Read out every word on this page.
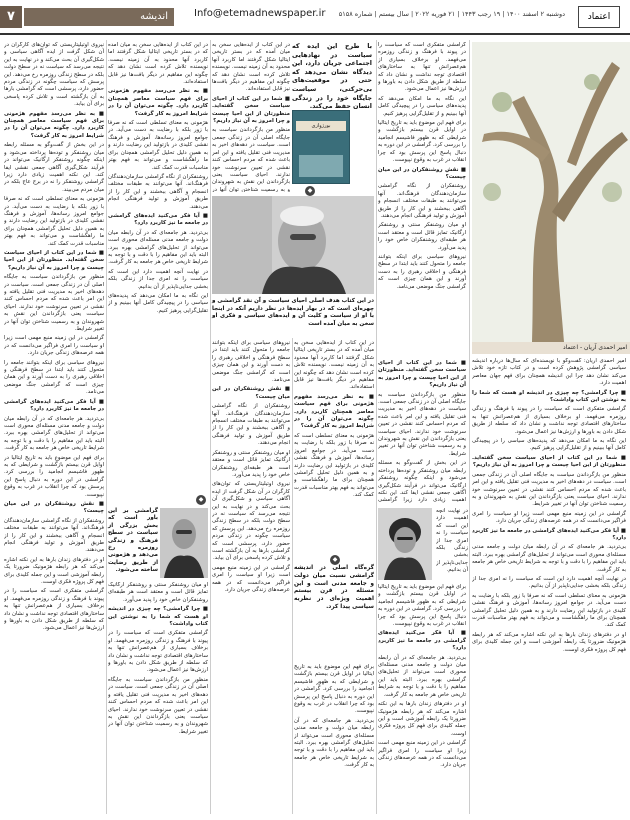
۷	اندیشه	Info@etemadnewspaper.ir	دوشنبه ۲ اسفند ۱۴۰۰ | ۱۹ رجب ۱۴۴۳ | ۲۱ فوریه ۲۰۲۲ | سال بیستم | شماره ۵۱۵۸	اعتماد
امیر احمدی آریان - اعتماد

گرامشی متفکری است که سیاست را در پیوند با فرهنگ و زندگی روزمره می‌فهمد. او برخلاف بسیاری از هم‌عصرانش تنها به ساختارهای اقتصادی توجه نداشت و نشان داد که سلطه از طریق شکل دادن به باورها و ارزش‌ها نیز اعمال می‌شود.

این نگاه به ما امکان می‌دهد که پدیده‌های سیاسی را در پیچیدگی کامل آنها ببینیم و از تقلیل‌گرایی پرهیز کنیم.

برای فهم این موضوع باید به تاریخ ایتالیا در اوایل قرن بیستم بازگشت و شرایطی که به ظهور فاشیسم انجامید را بررسی کرد. گرامشی در این دوره به دنبال پاسخ این پرسش بود که چرا انقلاب در غرب به وقوع نپیوست.

■ نقش روشنفکران در این میان چیست؟

روشنفکران از نگاه گرامشی سازمان‌دهندگان فرهنگ‌اند. آنها می‌توانند به طبقات مختلف انسجام و آگاهی ببخشند و این کار را از طریق آموزش و تولید فرهنگی انجام می‌دهند.

او میان روشنفکر سنتی و روشنفکر ارگانیک تمایز قائل است و معتقد است هر طبقه‌ای روشنفکران خاص خود را پدید می‌آورد.

نیروهای سیاسی برای اینکه بتوانند جامعه را متحول کنند باید ابتدا در سطح فرهنگی و اخلاقی رهبری را به دست آورند و این همان چیزی است که گرامشی جنگ موضعی می‌نامد.

امیر احمدی آریان: گفت‌وگو با نویسنده‌ای که سال‌ها درباره اندیشه سیاسی گرامشی پژوهش کرده است و در کتاب تازه خود تلاش می‌کند نشان دهد چرا این اندیشه همچنان برای فهم جهان معاصر اهمیت دارد.

■ چرا گرامشی؟ چه چیزی در اندیشه او هست که شما را به نوشتن این کتاب واداشت؟

گرامشی متفکری است که سیاست را در پیوند با فرهنگ و زندگی روزمره می‌فهمد. او برخلاف بسیاری از هم‌عصرانش تنها به ساختارهای اقتصادی توجه نداشت و نشان داد که سلطه از طریق شکل دادن به باورها و ارزش‌ها نیز اعمال می‌شود.

این نگاه به ما امکان می‌دهد که پدیده‌های سیاسی را در پیچیدگی کامل آنها ببینیم و از تقلیل‌گرایی پرهیز کنیم.

■ شما در این کتاب از احیای سیاست سخن گفته‌اید. منظورتان از این احیا چیست و چرا امروز به آن نیاز داریم؟

منظور من بازگرداندن سیاست به جایگاه اصلی آن در زندگی جمعی است. سیاست در دهه‌های اخیر به مدیریت فنی تقلیل یافته و این امر باعث شده که مردم احساس کنند نقشی در تعیین سرنوشت خود ندارند. احیای سیاست یعنی بازگرداندن این نقش به شهروندان و به رسمیت شناختن توان آنها در تغییر شرایط.

گرامشی در این زمینه منبع مهمی است زیرا او سیاست را امری فراگیر می‌دانست که در همه عرصه‌های زندگی جریان دارد.

■ آیا فکر می‌کنید ایده‌های گرامشی در جامعه ما نیز کاربرد دارد؟

بی‌تردید. هر جامعه‌ای که در آن رابطه میان دولت و جامعه مدنی مسئله‌ای محوری است می‌تواند از تحلیل‌های گرامشی بهره ببرد. البته باید این مفاهیم را با دقت و با توجه به شرایط تاریخی خاص هر جامعه به کار گرفت.

در نهایت آنچه اهمیت دارد این است که سیاست را نه امری جدا از زندگی بلکه بخشی جدایی‌ناپذیر از آن بدانیم.

هژمونی به معنای تسلطی است که نه صرفا با زور بلکه با رضایت به دست می‌آید. در جوامع امروز رسانه‌ها، آموزش و فرهنگ نقشی کلیدی در بازتولید این رضایت دارند و به همین دلیل تحلیل گرامشی همچنان برای ما راهگشاست و می‌تواند به فهم بهتر مناسبات قدرت کمک کند.

او در دفترهای زندان بارها به این نکته اشاره می‌کند که هر رابطه هژمونیک ضرورتا یک رابطه آموزشی است و این جمله کلیدی برای فهم کل پروژه فکری اوست.

در این کتاب از ایده‌هایی سخن به میان آمده که در بستر تاریخی ایتالیا شکل گرفتند اما کاربرد آنها محدود به آن زمینه نیست. نویسنده تلاش کرده است نشان دهد که چگونه این مفاهیم در دیگر بافت‌ها نیز قابل استفاده‌اند.

■ شما در این کتاب از احیای سیاست سخن گفته‌اید. منظورتان از این احیا چیست و چرا امروز به آن نیاز داریم؟

منظور من بازگرداندن سیاست به جایگاه اصلی آن در زندگی جمعی است. سیاست در دهه‌های اخیر به مدیریت فنی تقلیل یافته و این امر باعث شده که مردم احساس کنند نقشی در تعیین سرنوشت خود ندارند. احیای سیاست یعنی بازگرداندن این نقش به شهروندان و به رسمیت شناختن توان آنها در

با طرح این ایده که سیاست در نهادهایی اجتماعی جریان دارد، این دیدگاه نشان می‌دهد که حتی در موقعیت‌های بی‌حرکتی، سیاست جایگاه خود را در زندگی انسان حفظ می‌کند.
بورژوازی
◆
در این کتاب هدف اصلی احیای سیاست و آن نقد گرامشی و چهره‌ای است که در بهار ایده‌ها در نظر داریم آنکه در اینجا با او از سیاست و کلیت آن و ایده‌های سیاسی و فکری او سخن به میان آمده است

نیروی اوتیلیتاریستی که توان‌های کارگران در آن شکل گرفت از ایده آگاهی سیاسی و شکل‌گیری آن بحث می‌کند و در نهایت به این نتیجه می‌رسد که سیاست نه در سطح دولت بلکه در سطح زندگی روزمره رخ می‌دهد. این پرسش که سیاست چگونه در زندگی مردم حضور دارد، پرسشی است که گرامشی بارها به آن بازگشته است و تلاش کرده پاسخی برای آن بیابد.

■ به نظر می‌رسد مفهوم هژمونی برای فهم سیاست معاصر همچنان کاربرد دارد. چگونه می‌توان آن را در شرایط امروز به کار گرفت؟

در این بخش از گفت‌وگو به مسئله رابطه میان روشنفکر و توده‌ها پرداخته می‌شود و اینکه چگونه روشنفکر ارگانیک می‌تواند در فرآیند شکل‌گیری آگاهی جمعی نقشی ایفا کند. این نکته اهمیت زیادی دارد زیرا گرامشی روشنفکر را نه در برج عاج بلکه در میان مردم می‌بیند.

هژمونی به معنای تسلطی است که نه صرفا با زور بلکه با رضایت به دست می‌آید. در جوامع امروز رسانه‌ها، آموزش و فرهنگ نقشی کلیدی در بازتولید این رضایت دارند و به همین دلیل تحلیل گرامشی همچنان برای ما راهگشاست و می‌تواند به فهم بهتر مناسبات قدرت کمک کند.

■ شما در این کتاب از احیای سیاست سخن گفته‌اید. منظورتان از این احیا چیست و چرا امروز به آن نیاز داریم؟

منظور من بازگرداندن سیاست به جایگاه اصلی آن در زندگی جمعی است. سیاست در دهه‌های اخیر به مدیریت فنی تقلیل یافته و این امر باعث شده که مردم احساس کنند نقشی در تعیین سرنوشت خود ندارند. احیای سیاست یعنی بازگرداندن این نقش به شهروندان و به رسمیت شناختن توان آنها در تغییر شرایط.

گرامشی در این زمینه منبع مهمی است زیرا او سیاست را امری فراگیر می‌دانست که در همه عرصه‌های زندگی جریان دارد.

نیروهای سیاسی برای اینکه بتوانند جامعه را متحول کنند باید ابتدا در سطح فرهنگی و اخلاقی رهبری را به دست آورند و این همان چیزی است که گرامشی جنگ موضعی می‌نامد.

■ آیا فکر می‌کنید ایده‌های گرامشی در جامعه ما نیز کاربرد دارد؟

بی‌تردید. هر جامعه‌ای که در آن رابطه میان دولت و جامعه مدنی مسئله‌ای محوری است می‌تواند از تحلیل‌های گرامشی بهره ببرد. البته باید این مفاهیم را با دقت و با توجه به شرایط تاریخی خاص هر جامعه به کار گرفت.

برای فهم این موضوع باید به تاریخ ایتالیا در اوایل قرن بیستم بازگشت و شرایطی که به ظهور فاشیسم انجامید را بررسی کرد. گرامشی در این دوره به دنبال پاسخ این پرسش بود که چرا انقلاب در غرب به وقوع نپیوست.

■ نقش روشنفکران در این میان چیست؟

روشنفکران از نگاه گرامشی سازمان‌دهندگان فرهنگ‌اند. آنها می‌توانند به طبقات مختلف انسجام و آگاهی ببخشند و این کار را از طریق آموزش و تولید فرهنگی انجام می‌دهند.

او در دفترهای زندان بارها به این نکته اشاره می‌کند که هر رابطه هژمونیک ضرورتا یک رابطه آموزشی است و این جمله کلیدی برای فهم کل پروژه فکری اوست.

گرامشی متفکری است که سیاست را در پیوند با فرهنگ و زندگی روزمره می‌فهمد. او برخلاف بسیاری از هم‌عصرانش تنها به ساختارهای اقتصادی توجه نداشت و نشان داد که سلطه از طریق شکل دادن به باورها و ارزش‌ها نیز اعمال می‌شود.

در این کتاب از ایده‌هایی سخن به میان آمده که در بستر تاریخی ایتالیا شکل گرفتند اما کاربرد آنها محدود به آن زمینه نیست. نویسنده تلاش کرده است نشان دهد که چگونه این مفاهیم در دیگر بافت‌ها نیز قابل استفاده‌اند.

■ به نظر می‌رسد مفهوم هژمونی برای فهم سیاست معاصر همچنان کاربرد دارد. چگونه می‌توان آن را در شرایط امروز به کار گرفت؟

هژمونی به معنای تسلطی است که نه صرفا با زور بلکه با رضایت به دست می‌آید. در جوامع امروز رسانه‌ها، آموزش و فرهنگ نقشی کلیدی در بازتولید این رضایت دارند و به همین دلیل تحلیل گرامشی همچنان برای ما راهگشاست و می‌تواند به فهم بهتر مناسبات قدرت کمک کند.

روشنفکران از نگاه گرامشی سازمان‌دهندگان فرهنگ‌اند. آنها می‌توانند به طبقات مختلف انسجام و آگاهی ببخشند و این کار را از طریق آموزش و تولید فرهنگی انجام می‌دهند.

■ آیا فکر می‌کنید ایده‌های گرامشی در جامعه ما نیز کاربرد دارد؟

بی‌تردید. هر جامعه‌ای که در آن رابطه میان دولت و جامعه مدنی مسئله‌ای محوری است می‌تواند از تحلیل‌های گرامشی بهره ببرد. البته باید این مفاهیم را با دقت و با توجه به شرایط تاریخی خاص هر جامعه به کار گرفت.

در نهایت آنچه اهمیت دارد این است که سیاست را نه امری جدا از زندگی بلکه بخشی جدایی‌ناپذیر از آن بدانیم.

این نگاه به ما امکان می‌دهد که پدیده‌های سیاسی را در پیچیدگی کامل آنها ببینیم و از تقلیل‌گرایی پرهیز کنیم.

گرامشی بر این باور است که بخش بزرگی از سیاست در سطح فرهنگ و زندگی روزمره رخ می‌دهد و هژمونی از طریق رضایت ساخته می‌شود.
◆

او میان روشنفکر سنتی و روشنفکر ارگانیک تمایز قائل است و معتقد است هر طبقه‌ای روشنفکران خاص خود را پدید می‌آورد.

■ چرا گرامشی؟ چه چیزی در اندیشه او هست که شما را به نوشتن این کتاب واداشت؟

گرامشی متفکری است که سیاست را در پیوند با فرهنگ و زندگی روزمره می‌فهمد. او برخلاف بسیاری از هم‌عصرانش تنها به ساختارهای اقتصادی توجه نداشت و نشان داد که سلطه از طریق شکل دادن به باورها و ارزش‌ها نیز اعمال می‌شود.

منظور من بازگرداندن سیاست به جایگاه اصلی آن در زندگی جمعی است. سیاست در دهه‌های اخیر به مدیریت فنی تقلیل یافته و این امر باعث شده که مردم احساس کنند نقشی در تعیین سرنوشت خود ندارند. احیای سیاست یعنی بازگرداندن این نقش به شهروندان و به رسمیت شناختن توان آنها در تغییر شرایط.

نیروهای سیاسی برای اینکه بتوانند جامعه را متحول کنند باید ابتدا در سطح فرهنگی و اخلاقی رهبری را به دست آورند و این همان چیزی است که گرامشی جنگ موضعی می‌نامد.

■ نقش روشنفکران در این میان چیست؟

روشنفکران از نگاه گرامشی سازمان‌دهندگان فرهنگ‌اند. آنها می‌توانند به طبقات مختلف انسجام و آگاهی ببخشند و این کار را از طریق آموزش و تولید فرهنگی انجام می‌دهند.

او میان روشنفکر سنتی و روشنفکر ارگانیک تمایز قائل است و معتقد است هر طبقه‌ای روشنفکران خاص خود را پدید می‌آورد.

نیروی اوتیلیتاریستی که توان‌های کارگران در آن شکل گرفت از ایده آگاهی سیاسی و شکل‌گیری آن بحث می‌کند و در نهایت به این نتیجه می‌رسد که سیاست نه در سطح دولت بلکه در سطح زندگی روزمره رخ می‌دهد. این پرسش که سیاست چگونه در زندگی مردم حضور دارد، پرسشی است که گرامشی بارها به آن بازگشته است و تلاش کرده پاسخی برای آن بیابد.

گرامشی در این زمینه منبع مهمی است زیرا او سیاست را امری فراگیر می‌دانست که در همه عرصه‌های زندگی جریان دارد.

در این کتاب از ایده‌هایی سخن به میان آمده که در بستر تاریخی ایتالیا شکل گرفتند اما کاربرد آنها محدود به آن زمینه نیست. نویسنده تلاش کرده است نشان دهد که چگونه این مفاهیم در دیگر بافت‌ها نیز قابل استفاده‌اند.

■ به نظر می‌رسد مفهوم هژمونی برای فهم سیاست معاصر همچنان کاربرد دارد. چگونه می‌توان آن را در شرایط امروز به کار گرفت؟

هژمونی به معنای تسلطی است که نه صرفا با زور بلکه با رضایت به دست می‌آید. در جوامع امروز رسانه‌ها، آموزش و فرهنگ نقشی کلیدی در بازتولید این رضایت دارند و به همین دلیل تحلیل گرامشی همچنان برای ما راهگشاست و می‌تواند به فهم بهتر مناسبات قدرت کمک کند.

گره‌گاه اصلی در اندیشه گرامشی نسبت میان دولت و جامعه مدنی است و این مسئله در قرن بیستم اهمیت ویژه‌ای در نظریه سیاسی پیدا کرد.
◆

برای فهم این موضوع باید به تاریخ ایتالیا در اوایل قرن بیستم بازگشت و شرایطی که به ظهور فاشیسم انجامید را بررسی کرد. گرامشی در این دوره به دنبال پاسخ این پرسش بود که چرا انقلاب در غرب به وقوع نپیوست.

بی‌تردید. هر جامعه‌ای که در آن رابطه میان دولت و جامعه مدنی مسئله‌ای محوری است می‌تواند از تحلیل‌های گرامشی بهره ببرد. البته باید این مفاهیم را با دقت و با توجه به شرایط تاریخی خاص هر جامعه به کار گرفت.

■ شما در این کتاب از احیای سیاست سخن گفته‌اید. منظورتان از این احیا چیست و چرا امروز به آن نیاز داریم؟

منظور من بازگرداندن سیاست به جایگاه اصلی آن در زندگی جمعی است. سیاست در دهه‌های اخیر به مدیریت فنی تقلیل یافته و این امر باعث شده که مردم احساس کنند نقشی در تعیین سرنوشت خود ندارند. احیای سیاست یعنی بازگرداندن این نقش به شهروندان و به رسمیت شناختن توان آنها در تغییر شرایط.

در این بخش از گفت‌وگو به مسئله رابطه میان روشنفکر و توده‌ها پرداخته می‌شود و اینکه چگونه روشنفکر ارگانیک می‌تواند در فرآیند شکل‌گیری آگاهی جمعی نقشی ایفا کند. این نکته اهمیت زیادی دارد زیرا گرامشی

در نهایت آنچه اهمیت دارد این است که سیاست را نه امری جدا از زندگی بلکه بخشی جدایی‌ناپذیر از آن بدانیم.

برای فهم این موضوع باید به تاریخ ایتالیا در اوایل قرن بیستم بازگشت و شرایطی که به ظهور فاشیسم انجامید را بررسی کرد. گرامشی در این دوره به دنبال پاسخ این پرسش بود که چرا انقلاب در غرب به وقوع نپیوست.

■ آیا فکر می‌کنید ایده‌های گرامشی در جامعه ما نیز کاربرد دارد؟

بی‌تردید. هر جامعه‌ای که در آن رابطه میان دولت و جامعه مدنی مسئله‌ای محوری است می‌تواند از تحلیل‌های گرامشی بهره ببرد. البته باید این مفاهیم را با دقت و با توجه به شرایط تاریخی خاص هر جامعه به کار گرفت.

او در دفترهای زندان بارها به این نکته اشاره می‌کند که هر رابطه هژمونیک ضرورتا یک رابطه آموزشی است و این جمله کلیدی برای فهم کل پروژه فکری اوست.

گرامشی در این زمینه منبع مهمی است زیرا او سیاست را امری فراگیر می‌دانست که در همه عرصه‌های زندگی جریان دارد.
